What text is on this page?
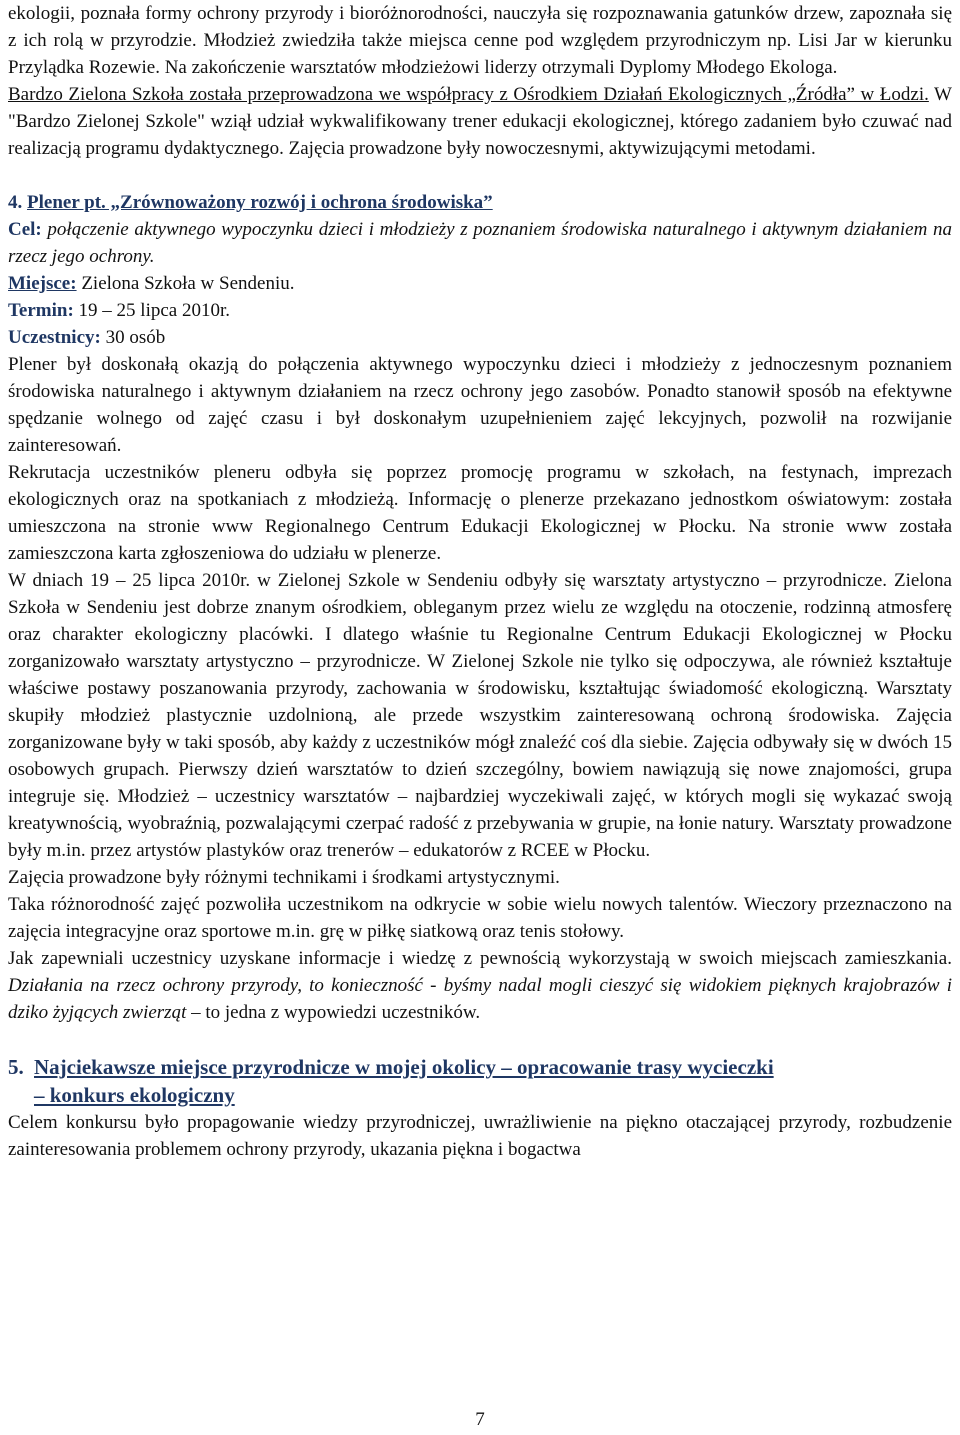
ekologii, poznała formy ochrony przyrody i bioróżnorodności, nauczyła się rozpoznawania gatunków drzew, zapoznała się z ich rolą w przyrodzie. Młodzież zwiedziła także miejsca cenne pod względem przyrodniczym np. Lisi Jar w kierunku Przylądka Rozewie. Na zakończenie warsztatów młodzieżowi liderzy otrzymali Dyplomy Młodego Ekologa.

Bardzo Zielona Szkoła została przeprowadzona we współpracy z Ośrodkiem Działań Ekologicznych „Źródła” w Łodzi. W "Bardzo Zielonej Szkole" wziął udział wykwalifikowany trener edukacji ekologicznej, którego zadaniem było czuwać nad realizacją programu dydaktycznego. Zajęcia prowadzone były nowoczesnymi, aktywizującymi metodami.

4. Plener pt. „Zrównoważony rozwój i ochrona środowiska”

Cel: połączenie aktywnego wypoczynku dzieci i młodzieży z poznaniem środowiska naturalnego i aktywnym działaniem na rzecz jego ochrony.

Miejsce: Zielona Szkoła w Sendeniu.

Termin: 19 – 25 lipca 2010r.

Uczestnicy: 30 osób

Plener był doskonałą okazją do połączenia aktywnego wypoczynku dzieci i młodzieży z jednoczesnym poznaniem środowiska naturalnego i aktywnym działaniem na rzecz ochrony jego zasobów. Ponadto stanowił sposób na efektywne spędzanie wolnego od zajęć czasu i był doskonałym uzupełnieniem zajęć lekcyjnych, pozwolił na rozwijanie zainteresowań.

Rekrutacja uczestników pleneru odbyła się poprzez promocję programu w szkołach, na festynach, imprezach ekologicznych oraz na spotkaniach z młodzieżą. Informację o plenerze przekazano jednostkom oświatowym: została umieszczona na stronie www Regionalnego Centrum Edukacji Ekologicznej w Płocku. Na stronie www została zamieszczona karta zgłoszeniowa do udziału w plenerze.

W dniach 19 – 25 lipca 2010r. w Zielonej Szkole w Sendeniu odbyły się warsztaty artystyczno – przyrodnicze. Zielona Szkoła w Sendeniu jest dobrze znanym ośrodkiem, obleganym przez wielu ze względu na otoczenie, rodzinną atmosferę oraz charakter ekologiczny placówki. I dlatego właśnie tu Regionalne Centrum Edukacji Ekologicznej w Płocku zorganizowało warsztaty artystyczno – przyrodnicze. W Zielonej Szkole nie tylko się odpoczywa, ale również kształtuje właściwe postawy poszanowania przyrody, zachowania w środowisku, kształtując świadomość ekologiczną. Warsztaty skupiły młodzież plastycznie uzdolnioną, ale przede wszystkim zainteresowaną ochroną środowiska. Zajęcia zorganizowane były w taki sposób, aby każdy z uczestników mógł znaleźć coś dla siebie. Zajęcia odbywały się w dwóch 15 osobowych grupach. Pierwszy dzień warsztatów to dzień szczególny, bowiem nawiązują się nowe znajomości, grupa integruje się. Młodzież – uczestnicy warsztatów – najbardziej wyczekiwali zajęć, w których mogli się wykazać swoją kreatywnością, wyobraźnią, pozwalającymi czerpać radość z przebywania w grupie, na łonie natury. Warsztaty prowadzone były m.in. przez artystów plastyków oraz trenerów – edukatorów z RCEE w Płocku.

Zajęcia prowadzone były różnymi technikami i środkami artystycznymi.

Taka różnorodność zajęć pozwoliła uczestnikom na odkrycie w sobie wielu nowych talentów. Wieczory przeznaczono na zajęcia integracyjne oraz sportowe m.in. grę w piłkę siatkową oraz tenis stołowy.

Jak zapewniali uczestnicy uzyskane informacje i wiedzę z pewnością wykorzystają w swoich miejscach zamieszkania. Działania na rzecz ochrony przyrody, to konieczność - byśmy nadal mogli cieszyć się widokiem pięknych krajobrazów i dziko żyjących zwierząt – to jedna z wypowiedzi uczestników.

5. Najciekawsze miejsce przyrodnicze w mojej okolicy – opracowanie trasy wycieczki
– konkurs ekologiczny

Celem konkursu było propagowanie wiedzy przyrodniczej, uwrażliwienie na piękno otaczającej przyrody, rozbudzenie zainteresowania problemem ochrony przyrody, ukazania piękna i bogactwa

7
